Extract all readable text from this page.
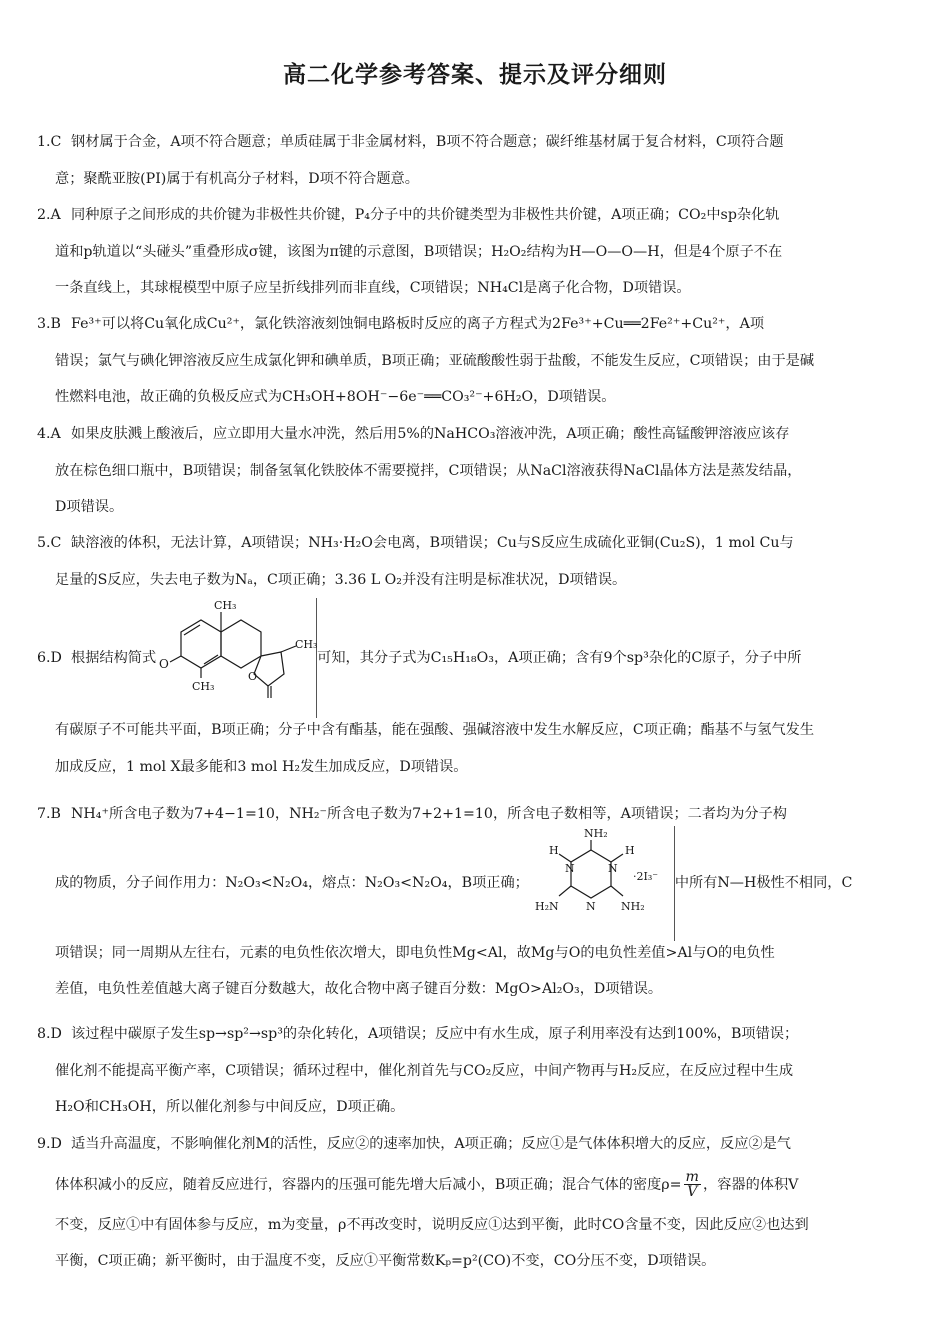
高二化学参考答案、提示及评分细则
1.C 钢材属于合金，A项不符合题意；单质硅属于非金属材料，B项不符合题意；碳纤维基材属于复合材料，C项符合题
意；聚酰亚胺(PI)属于有机高分子材料，D项不符合题意。
2.A 同种原子之间形成的共价键为非极性共价键，P₄分子中的共价键类型为非极性共价键，A项正确；CO₂中sp杂化轨
道和p轨道以“头碰头”重叠形成σ键，该图为π键的示意图，B项错误；H₂O₂结构为H—O—O—H，但是4个原子不在
一条直线上，其球棍模型中原子应呈折线排列而非直线，C项错误；NH₄Cl是离子化合物，D项错误。
3.B Fe³⁺可以将Cu氧化成Cu²⁺，氯化铁溶液刻蚀铜电路板时反应的离子方程式为2Fe³⁺+Cu══2Fe²⁺+Cu²⁺，A项
错误；氯气与碘化钾溶液反应生成氯化钾和碘单质，B项正确；亚硫酸酸性弱于盐酸，不能发生反应，C项错误；由于是碱
性燃料电池，故正确的负极反应式为CH₃OH+8OH⁻−6e⁻══CO₃²⁻+6H₂O，D项错误。
4.A 如果皮肤溅上酸液后，应立即用大量水冲洗，然后用5%的NaHCO₃溶液冲洗，A项正确；酸性高锰酸钾溶液应该存
放在棕色细口瓶中，B项错误；制备氢氧化铁胶体不需要搅拌，C项错误；从NaCl溶液获得NaCl晶体方法是蒸发结晶，
D项错误。
5.C 缺溶液的体积，无法计算，A项错误；NH₃·H₂O会电离，B项错误；Cu与S反应生成硫化亚铜(Cu₂S)，1 mol Cu与
足量的S反应，失去电子数为Nₐ，C项正确；3.36 L O₂并没有注明是标准状况，D项错误。
6.D 根据结构简式
CH₃
O
CH₃
CH₃
O
可知，其分子式为C₁₅H₁₈O₃，A项正确；含有9个sp³杂化的C原子，分子中所
有碳原子不可能共平面，B项正确；分子中含有酯基，能在强酸、强碱溶液中发生水解反应，C项正确；酯基不与氢气发生
加成反应，1 mol X最多能和3 mol H₂发生加成反应，D项错误。
7.B NH₄⁺所含电子数为7+4−1=10，NH₂⁻所含电子数为7+2+1=10，所含电子数相等，A项错误；二者均为分子构
成的物质，分子间作用力：N₂O₃<N₂O₄，熔点：N₂O₃<N₂O₄，B项正确；
NH₂
H
N	N
H
·2I₃⁻
H₂N N NH₂
中所有N—H极性不相同，C
项错误；同一周期从左往右，元素的电负性依次增大，即电负性Mg<Al，故Mg与O的电负性差值>Al与O的电负性
差值，电负性差值越大离子键百分数越大，故化合物中离子键百分数：MgO>Al₂O₃，D项错误。
8.D 该过程中碳原子发生sp→sp²→sp³的杂化转化，A项错误；反应中有水生成，原子利用率没有达到100%，B项错误；
催化剂不能提高平衡产率，C项错误；循环过程中，催化剂首先与CO₂反应，中间产物再与H₂反应，在反应过程中生成
H₂O和CH₃OH，所以催化剂参与中间反应，D项正确。
9.D 适当升高温度，不影响催化剂M的活性，反应②的速率加快，A项正确；反应①是气体体积增大的反应，反应②是气
体体积减小的反应，随着反应进行，容器内的压强可能先增大后减小，B项正确；混合气体的密度$\rho= \frac{m}{V}$ ，容器的体积V
不变，反应①中有固体参与反应，m为变量，ρ不再改变时，说明反应①达到平衡，此时CO含量不变，因此反应②也达到
平衡，C项正确；新平衡时，由于温度不变，反应①平衡常数Kₚ=p²(CO)不变，CO分压不变，D项错误。
